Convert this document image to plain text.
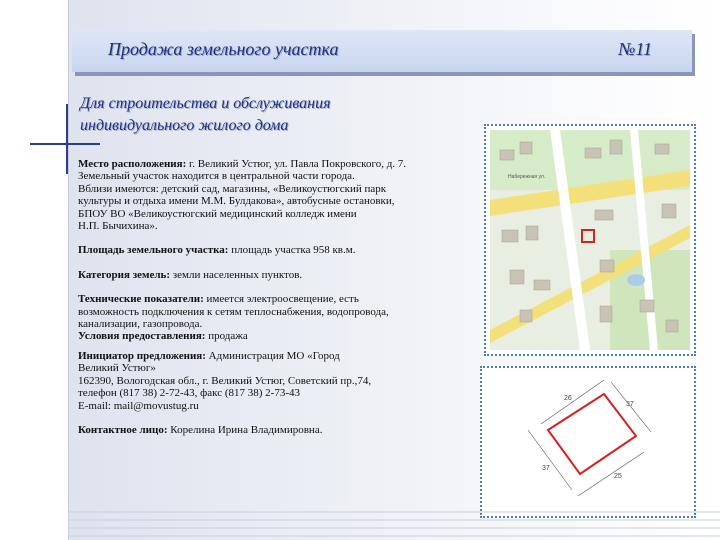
Продажа земельного участка	№11
Для строительства и обслуживания
индивидуального жилого дома

Место расположения: г. Великий Устюг, ул. Павла Покровского, д. 7.

Земельный участок находится в центральной части города.

Вблизи имеются: детский сад, магазины, «Великоустюгский парк

культуры и отдыха имени М.М. Булдакова», автобусные остановки,

БПОУ ВО «Великоустюгский медицинский колледж имени

Н.П. Бычихина».

Площадь земельного участка: площадь участка 958 кв.м.

Категория земель: земли населенных пунктов.

Технические показатели: имеется электроосвещение, есть

возможность подключения к сетям теплоснабжения, водопровода,

канализации, газопровода.

Условия предоставления: продажа

Инициатор предложения: Администрация МО «Город

Великий Устюг»

162390, Вологодская обл., г. Великий Устюг, Советский пр.,74,

телефон (817 38) 2-72-43, факс (817 38) 2-73-43

E-mail: mail@movustug.ru

Контактное лицо: Корелина Ирина Владимировна.

Набережная ул.
26
37
37
25
